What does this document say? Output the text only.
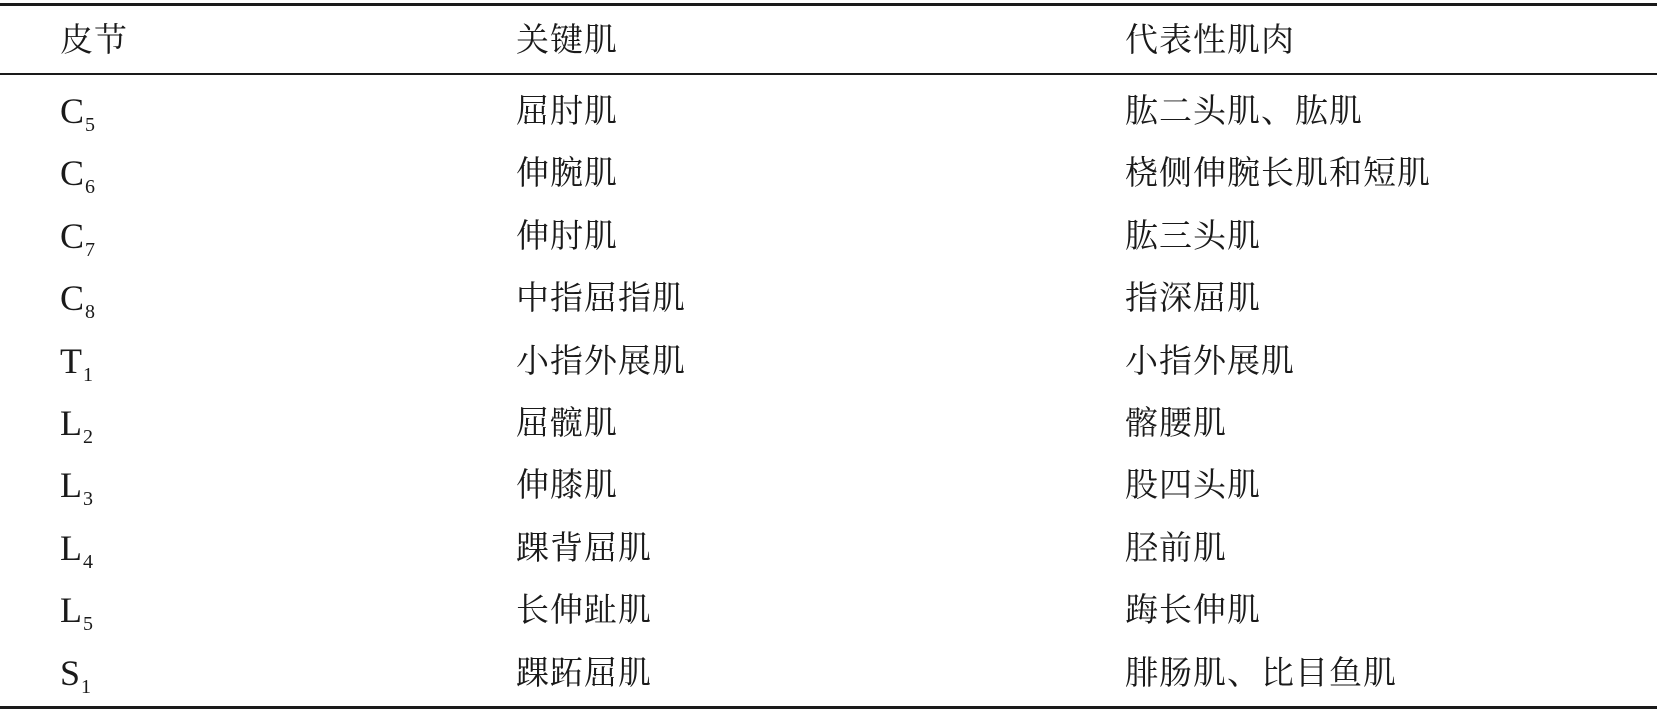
皮节	关键肌	代表性肌肉
$C_5$	屈肘肌	肱二头肌、肱肌
$C_6$	伸腕肌	桡侧伸腕长肌和短肌
$C_7$	伸肘肌	肱三头肌
$C_8$	中指屈指肌	指深屈肌
$T_1$	小指外展肌	小指外展肌
$L_2$	屈髋肌	髂腰肌
$L_3$	伸膝肌	股四头肌
$L_4$	踝背屈肌	胫前肌
$L_5$	长伸趾肌	踇长伸肌
$S_1$	踝跖屈肌	腓肠肌、比目鱼肌
